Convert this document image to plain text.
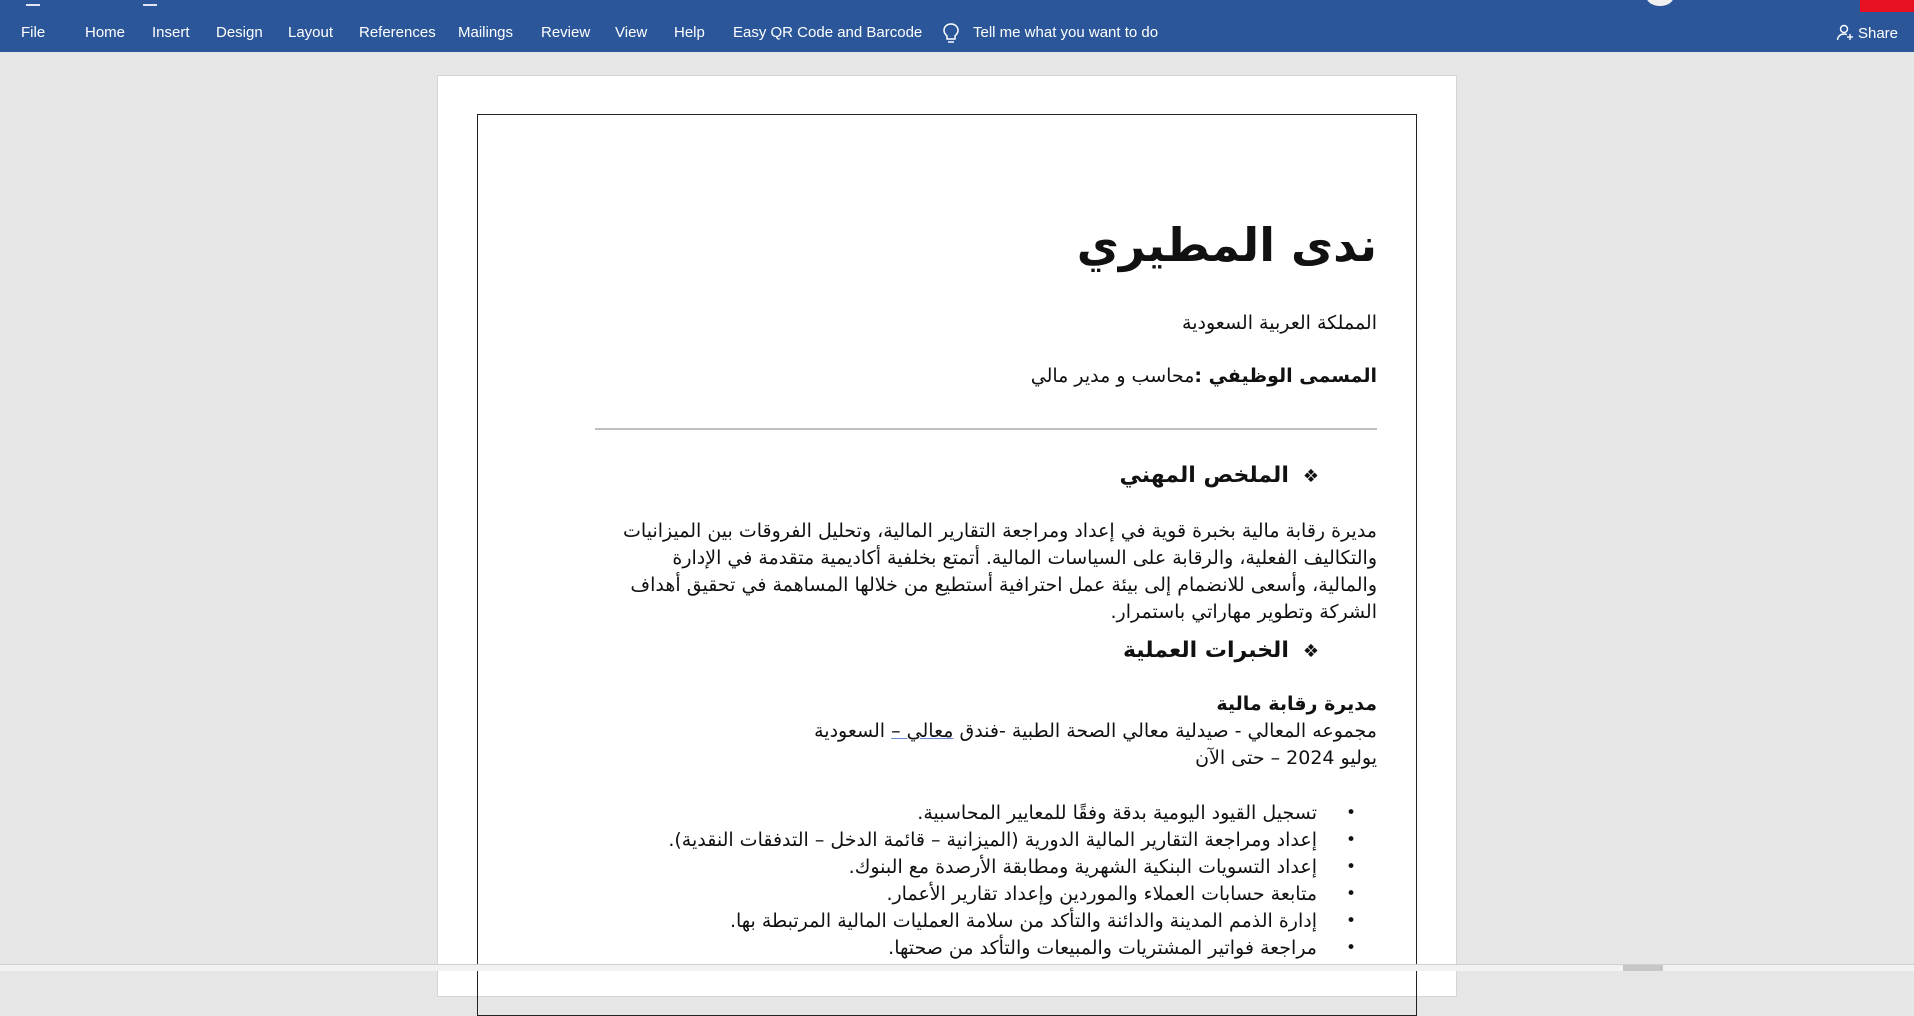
File	Home Insert Design Layout References Mailings Review View Help Easy QR Code and Barcode	Tell me what you want to do	Share
ندى المطيري
المملكة العربية السعودية
المسمى الوظيفي :محاسب و مدير مالي
❖الملخص المهني
مديرة رقابة مالية بخبرة قوية في إعداد ومراجعة التقارير المالية، وتحليل الفروقات بين الميزانيات
والتكاليف الفعلية، والرقابة على السياسات المالية. أتمتع بخلفية أكاديمية متقدمة في الإدارة
والمالية، وأسعى للانضمام إلى بيئة عمل احترافية أستطيع من خلالها المساهمة في تحقيق أهداف
الشركة وتطوير مهاراتي باستمرار.
❖الخبرات العملية
مديرة رقابة مالية
مجموعه المعالي - صيدلية معالي الصحة الطبية -فندق معالي – السعودية
يوليو 2024 – حتى الآن
• تسجيل القيود اليومية بدقة وفقًا للمعايير المحاسبية.
• إعداد ومراجعة التقارير المالية الدورية (الميزانية – قائمة الدخل – التدفقات النقدية).
• إعداد التسويات البنكية الشهرية ومطابقة الأرصدة مع البنوك.
• متابعة حسابات العملاء والموردين وإعداد تقارير الأعمار.
• إدارة الذمم المدينة والدائنة والتأكد من سلامة العمليات المالية المرتبطة بها.
• مراجعة فواتير المشتريات والمبيعات والتأكد من صحتها.
